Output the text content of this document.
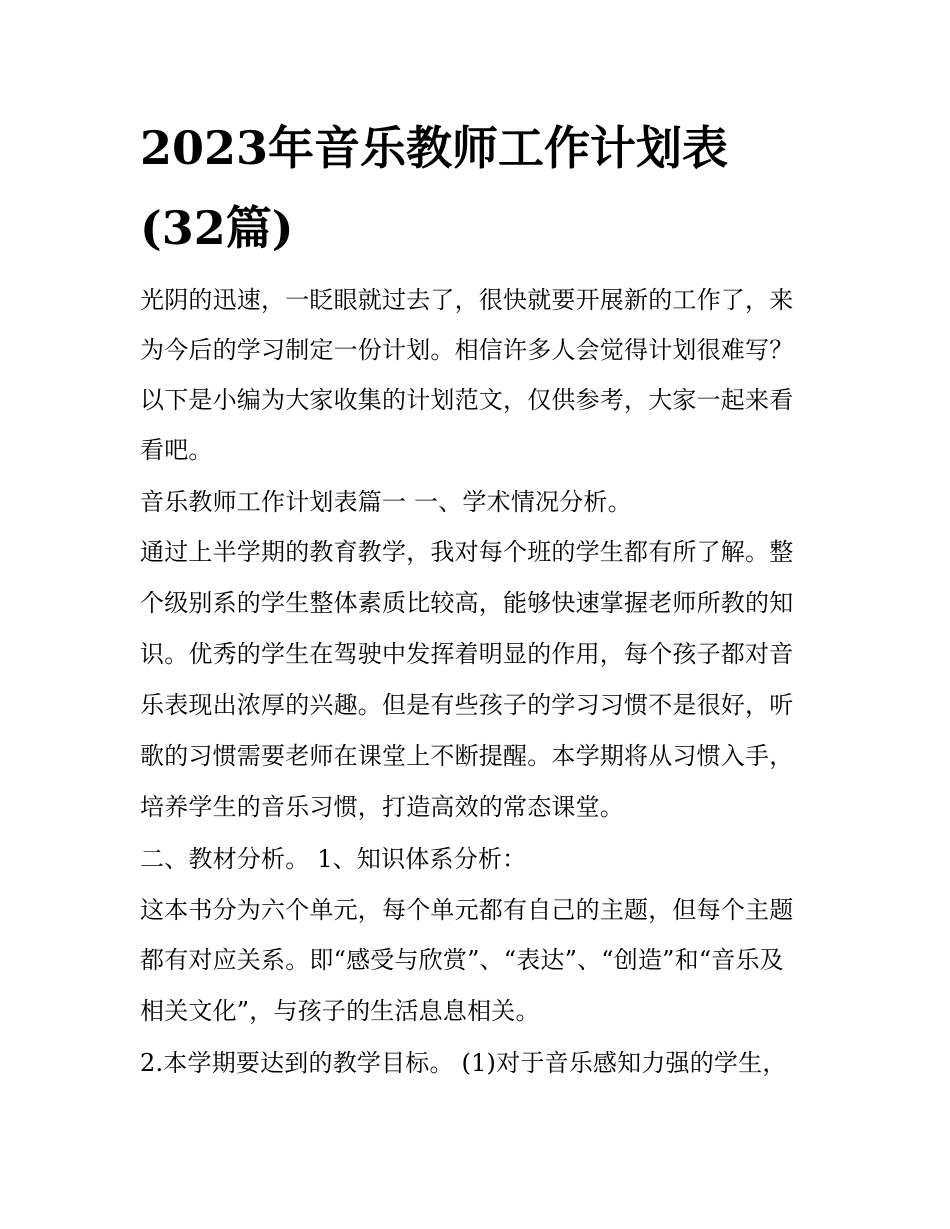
2023年音乐教师工作计划表
(32篇)
光阴的迅速，一眨眼就过去了，很快就要开展新的工作了，来
为今后的学习制定一份计划。相信许多人会觉得计划很难写？
以下是小编为大家收集的计划范文，仅供参考，大家一起来看
看吧。
音乐教师工作计划表篇一 一、学术情况分析。
通过上半学期的教育教学，我对每个班的学生都有所了解。整
个级别系的学生整体素质比较高，能够快速掌握老师所教的知
识。优秀的学生在驾驶中发挥着明显的作用，每个孩子都对音
乐表现出浓厚的兴趣。但是有些孩子的学习习惯不是很好，听
歌的习惯需要老师在课堂上不断提醒。本学期将从习惯入手，
培养学生的音乐习惯，打造高效的常态课堂。
二、教材分析。 1、知识体系分析：
这本书分为六个单元，每个单元都有自己的主题，但每个主题
都有对应关系。即“感受与欣赏”、“表达”、“创造”和“音乐及
相关文化”，与孩子的生活息息相关。
2.本学期要达到的教学目标。 (1)对于音乐感知力强的学生，
